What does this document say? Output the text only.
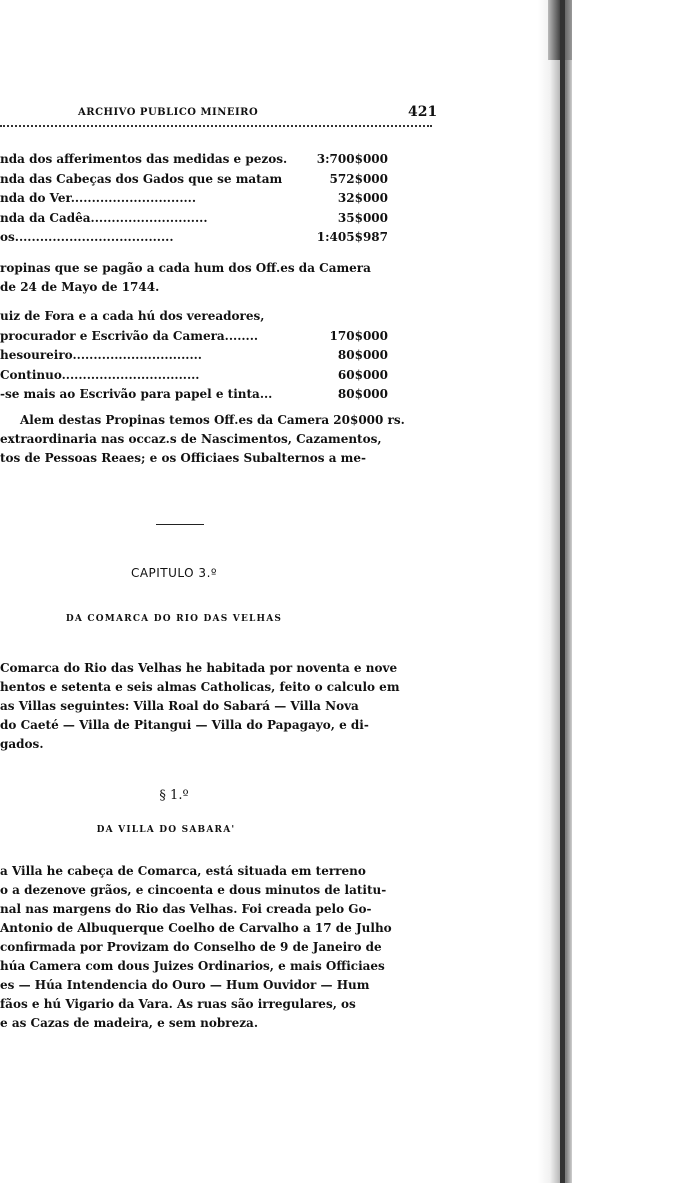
ARCHIVO PUBLICO MINEIRO	421
nda dos afferimentos das medidas e pezos. 3:700$000
nda das Cabeças dos Gados que se matam	572$000
nda do Ver..............................	32$000
nda da Cadêa............................	35$000
os......................................	1:405$987
ropinas que se pagão a cada hum dos Off.es da Camera
de 24 de Mayo de 1744.
uiz de Fora e a cada hú dos vereadores,
procurador e Escrivão da Camera........	170$000
hesoureiro...............................	80$000
Continuo.................................	60$000
-se mais ao Escrivão para papel e tinta...	80$000
Alem destas Propinas temos Off.es da Camera 20$000 rs.
extraordinaria nas occaz.s de Nascimentos, Cazamentos,
tos de Pessoas Reaes; e os Officiaes Subalternos a me-
CAPITULO 3.º
DA COMARCA DO RIO DAS VELHAS
Comarca do Rio das Velhas he habitada por noventa e nove
hentos e setenta e seis almas Catholicas, feito o calculo em
as Villas seguintes: Villa Roal do Sabará — Villa Nova
do Caeté — Villa de Pitangui — Villa do Papagayo, e di-
gados.
§ 1.º
DA VILLA DO SABARA'
a Villa he cabeça de Comarca, está situada em terreno
o a dezenove grãos, e cincoenta e dous minutos de latitu-
nal nas margens do Rio das Velhas. Foi creada pelo Go-
Antonio de Albuquerque Coelho de Carvalho a 17 de Julho
confirmada por Provizam do Conselho de 9 de Janeiro de
húa Camera com dous Juizes Ordinarios, e mais Officiaes
es — Húa Intendencia do Ouro — Hum Ouvidor — Hum
fãos e hú Vigario da Vara. As ruas são irregulares, os
e as Cazas de madeira, e sem nobreza.
